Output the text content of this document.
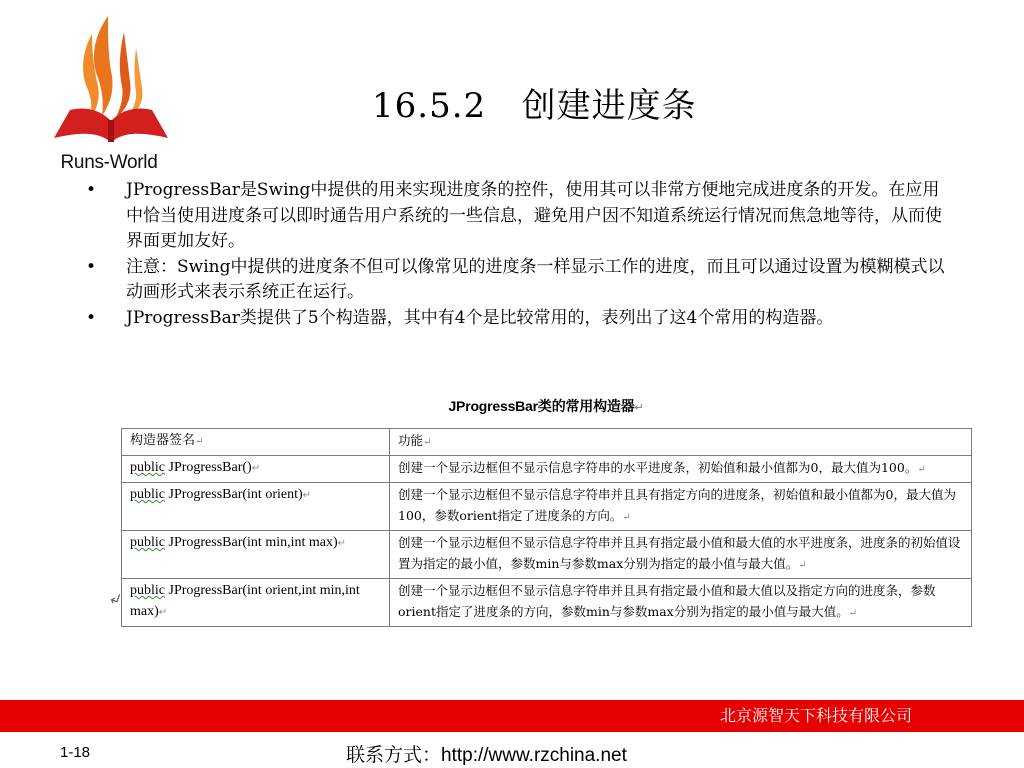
Runs-World
16.5.2 创建进度条
• JProgressBar是Swing中提供的用来实现进度条的控件，使用其可以非常方便地完成进度条的开发。在应用中恰当使用进度条可以即时通告用户系统的一些信息，避免用户因不知道系统运行情况而焦急地等待，从而使界面更加友好。
• 注意：Swing中提供的进度条不但可以像常见的进度条一样显示工作的进度，而且可以通过设置为模糊模式以动画形式来表示系统正在运行。
• JProgressBar类提供了5个构造器，其中有4个是比较常用的，表列出了这4个常用的构造器。
JProgressBar类的常用构造器↵
构造器签名↵	功能↵
public JProgressBar()↵	创建一个显示边框但不显示信息字符串的水平进度条，初始值和最小值都为0，最大值为100。↵
public JProgressBar(int orient)↵	创建一个显示边框但不显示信息字符串并且具有指定方向的进度条，初始值和最小值都为0，最大值为100，参数orient指定了进度条的方向。↵
public JProgressBar(int min,int max)↵	创建一个显示边框但不显示信息字符串并且具有指定最小值和最大值的水平进度条，进度条的初始值设置为指定的最小值，参数min与参数max分别为指定的最小值与最大值。↵
public JProgressBar(int orient,int min,int max)↵	创建一个显示边框但不显示信息字符串并且具有指定最小值和最大值以及指定方向的进度条，参数orient指定了进度条的方向，参数min与参数max分别为指定的最小值与最大值。↵
↲
北京源智天下科技有限公司
1-18	联系方式：http://www.rzchina.net
